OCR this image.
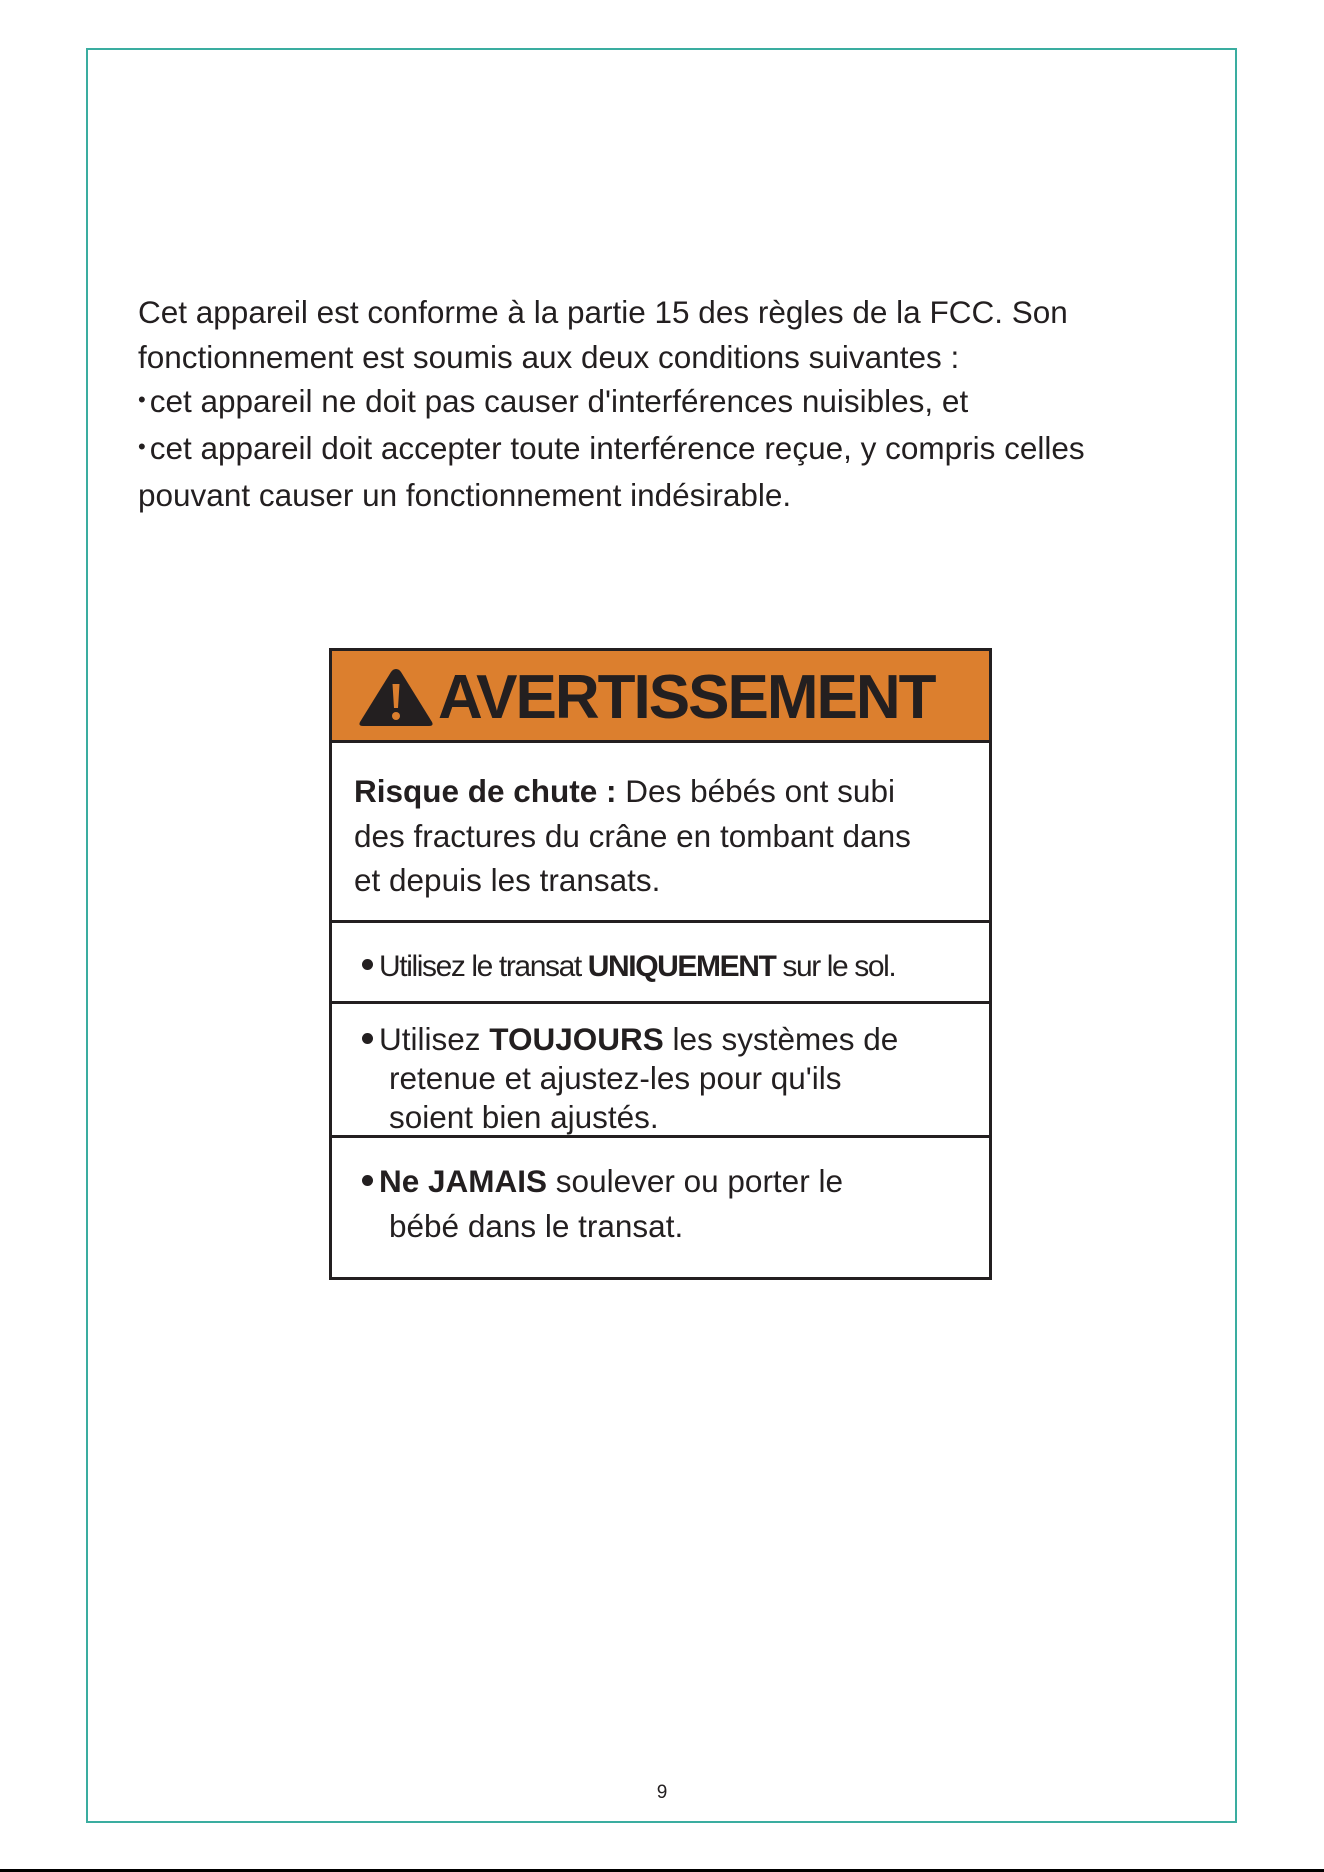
Cet appareil est conforme à la partie 15 des règles de la FCC. Son

fonctionnement est soumis aux deux conditions suivantes :

• cet appareil ne doit pas causer d'interférences nuisibles, et

• cet appareil doit accepter toute interférence reçue, y compris celles

pouvant causer un fonctionnement indésirable.

AVERTISSEMENT
Risque de chute : Des bébés ont subi
des fractures du crâne en tombant dans
et depuis les transats.
Utilisez le transat UNIQUEMENT sur le sol.
Utilisez TOUJOURS les systèmes de
retenue et ajustez-les pour qu'ils
soient bien ajustés.
Ne JAMAIS soulever ou porter le
bébé dans le transat.
9
